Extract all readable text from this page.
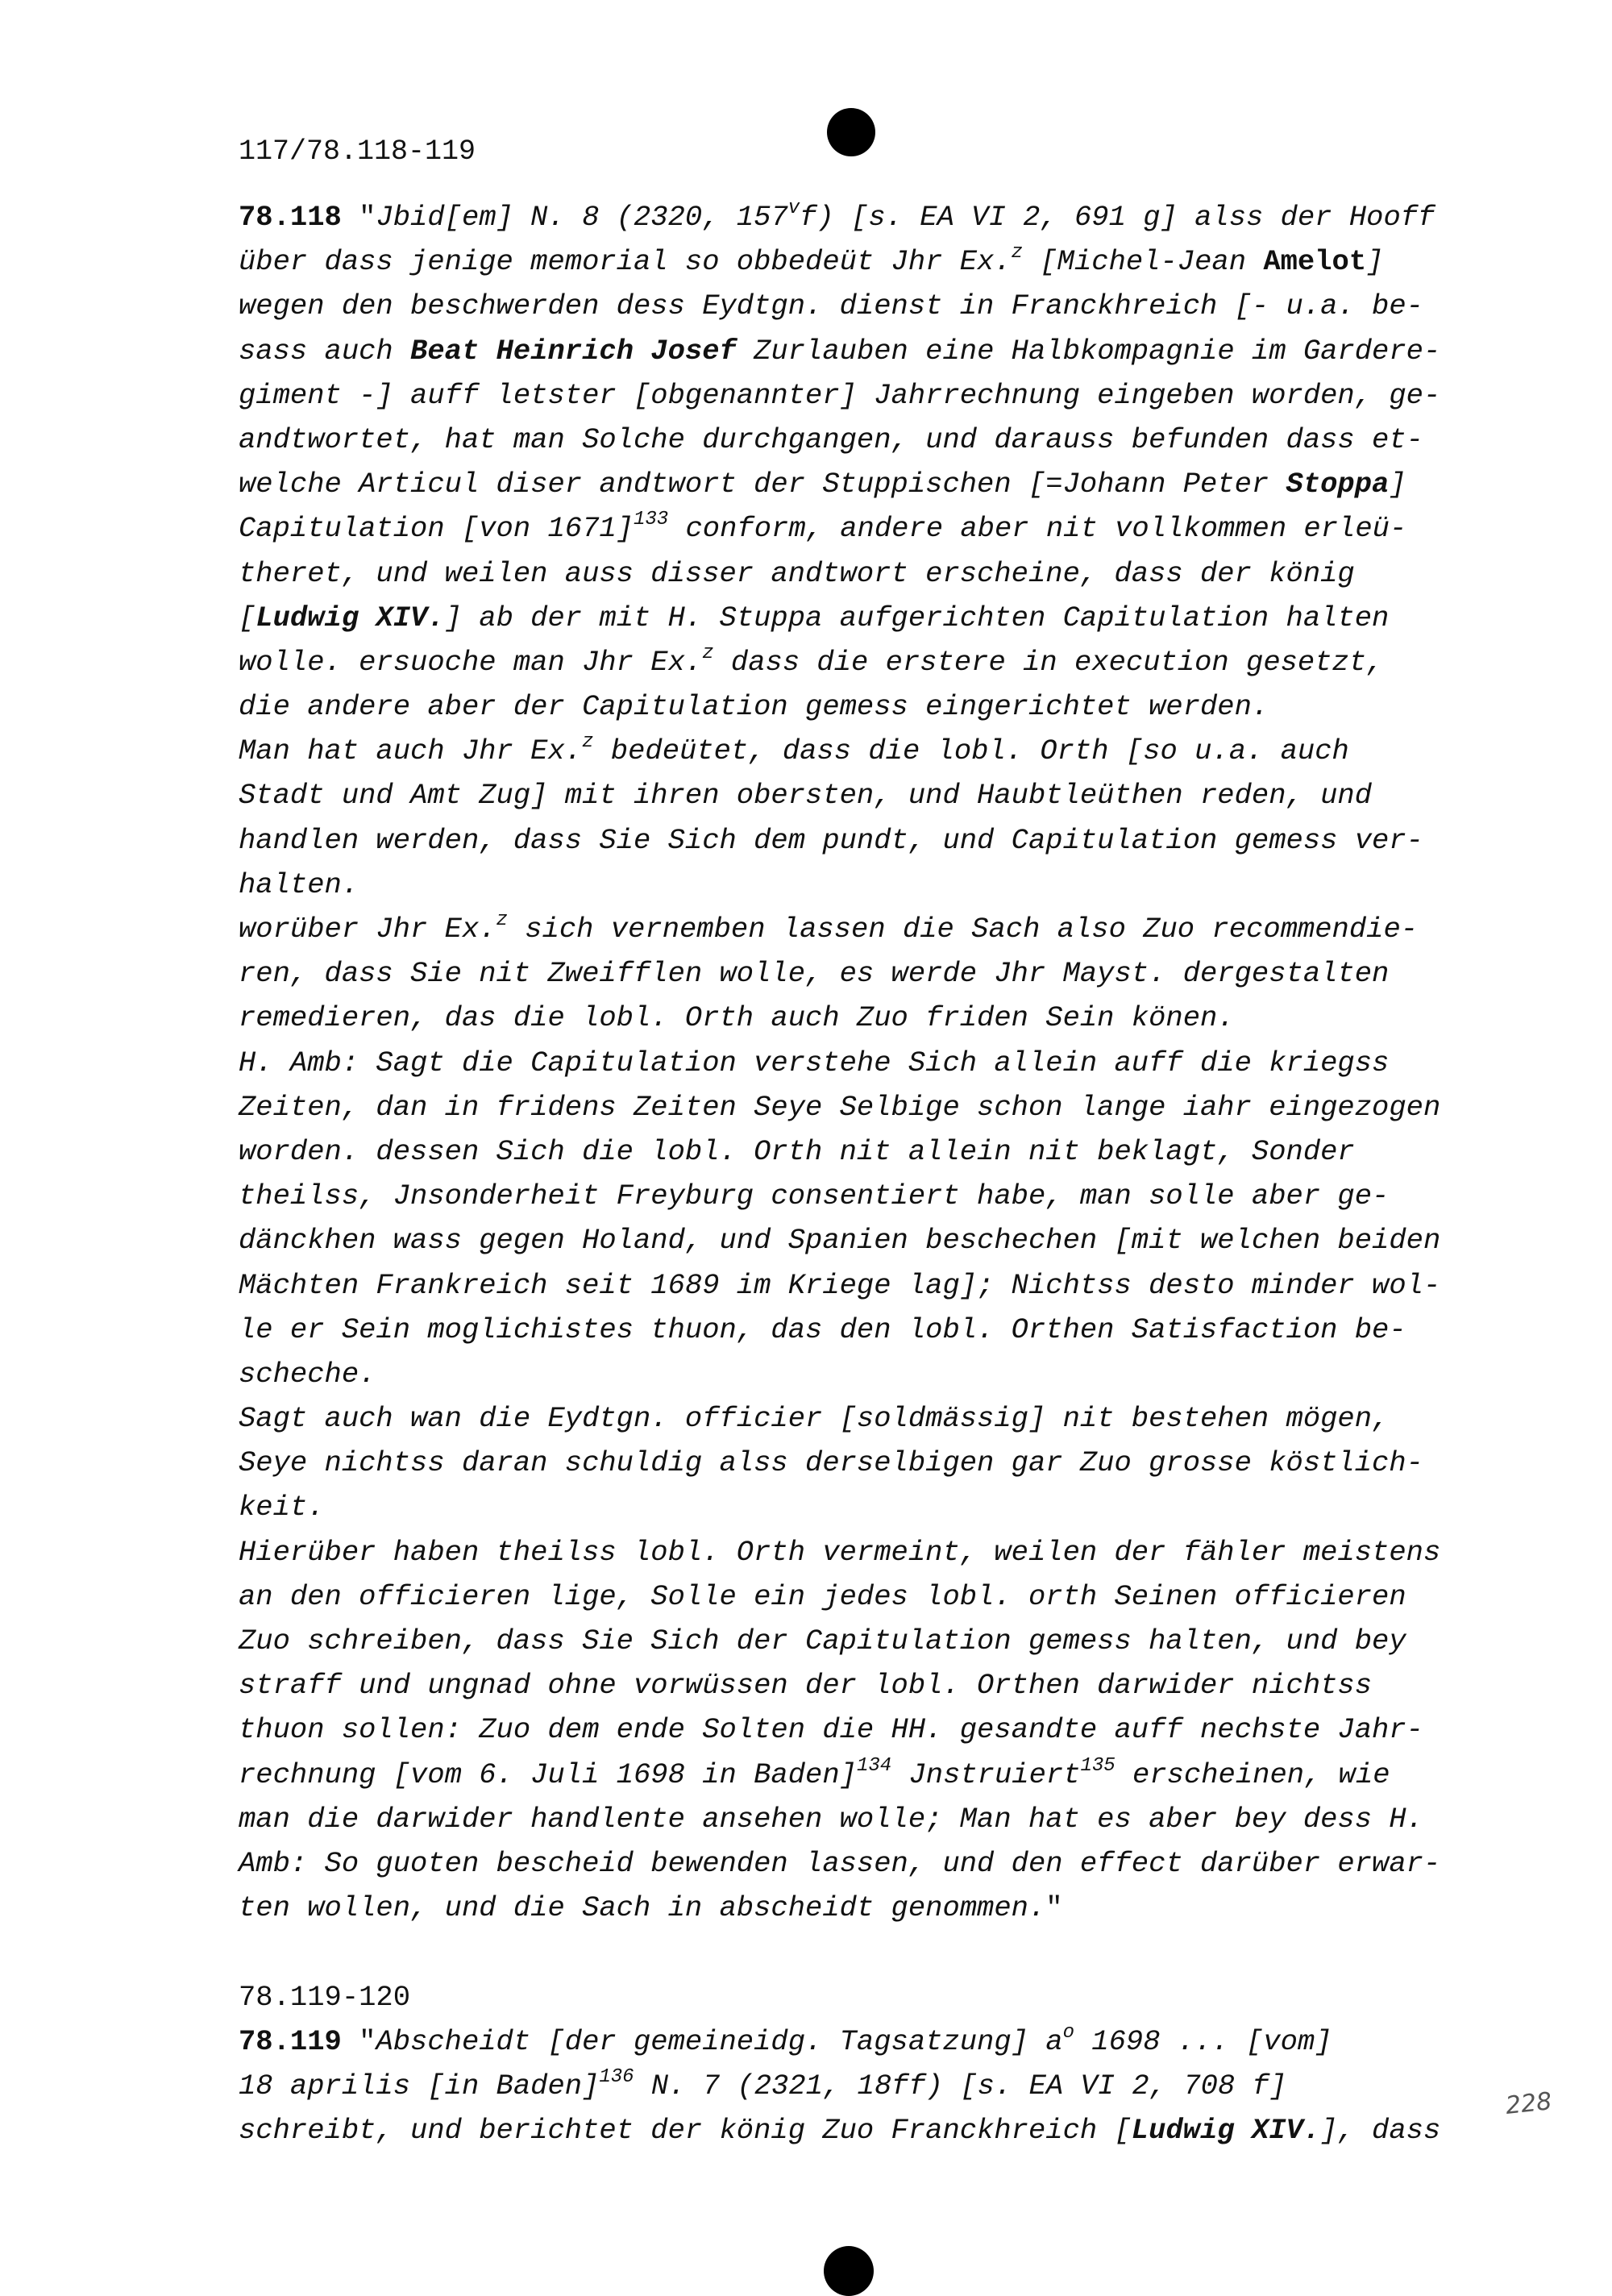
117/78.118-119
78.118 "Jbid[em] N. 8 (2320, 157$^v$f) [s. EA VI 2, 691 g] alss der Hooff
über dass jenige memorial so obbedeüt Jhr Ex.$^z$ [Michel-Jean Amelot]
wegen den beschwerden dess Eydtgn. dienst in Franckhreich [- u.a. be-
sass auch Beat Heinrich Josef Zurlauben eine Halbkompagnie im Gardere-
giment -] auff letster [obgenannter] Jahrrechnung eingeben worden, ge-
andtwortet, hat man Solche durchgangen, und darauss befunden dass et-
welche Articul diser andtwort der Stuppischen [=Johann Peter Stoppa]
Capitulation [von 1671]$^{133}$ conform, andere aber nit vollkommen erleü-
theret, und weilen auss disser andtwort erscheine, dass der könig
[Ludwig XIV.] ab der mit H. Stuppa aufgerichten Capitulation halten
wolle. ersuoche man Jhr Ex.$^z$ dass die erstere in execution gesetzt,
die andere aber der Capitulation gemess eingerichtet werden.
Man hat auch Jhr Ex.$^z$ bedeütet, dass die lobl. Orth [so u.a. auch
Stadt und Amt Zug] mit ihren obersten, und Haubtleüthen reden, und
handlen werden, dass Sie Sich dem pundt, und Capitulation gemess ver-
halten.
worüber Jhr Ex.$^z$ sich vernemben lassen die Sach also Zuo recommendie-
ren, dass Sie nit Zweifflen wolle, es werde Jhr Mayst. dergestalten
remedieren, das die lobl. Orth auch Zuo friden Sein könen.
H. Amb: Sagt die Capitulation verstehe Sich allein auff die kriegss
Zeiten, dan in fridens Zeiten Seye Selbige schon lange iahr eingezogen
worden. dessen Sich die lobl. Orth nit allein nit beklagt, Sonder
theilss, Jnsonderheit Freyburg consentiert habe, man solle aber ge-
dänckhen wass gegen Holand, und Spanien beschechen [mit welchen beiden
Mächten Frankreich seit 1689 im Kriege lag]; Nichtss desto minder wol-
le er Sein moglichistes thuon, das den lobl. Orthen Satisfaction be-
scheche.
Sagt auch wan die Eydtgn. officier [soldmässig] nit bestehen mögen,
Seye nichtss daran schuldig alss derselbigen gar Zuo grosse köstlich-
keit.
Hierüber haben theilss lobl. Orth vermeint, weilen der fähler meistens
an den officieren lige, Solle ein jedes lobl. orth Seinen officieren
Zuo schreiben, dass Sie Sich der Capitulation gemess halten, und bey
straff und ungnad ohne vorwüssen der lobl. Orthen darwider nichtss
thuon sollen: Zuo dem ende Solten die HH. gesandte auff nechste Jahr-
rechnung [vom 6. Juli 1698 in Baden]$^{134}$ Jnstruiert$^{135}$ erscheinen, wie
man die darwider handlente ansehen wolle; Man hat es aber bey dess H.
Amb: So guoten bescheid bewenden lassen, und den effect darüber erwar-
ten wollen, und die Sach in abscheidt genommen."

78.119-120
78.119 "Abscheidt [der gemeineidg. Tagsatzung] $a^o$ 1698 ... [vom]
18 aprilis [in Baden]$^{136}$ N. 7 (2321, 18ff) [s. EA VI 2, 708 f]
schreibt, und berichtet der könig Zuo Franckhreich [Ludwig XIV.], dass
228
